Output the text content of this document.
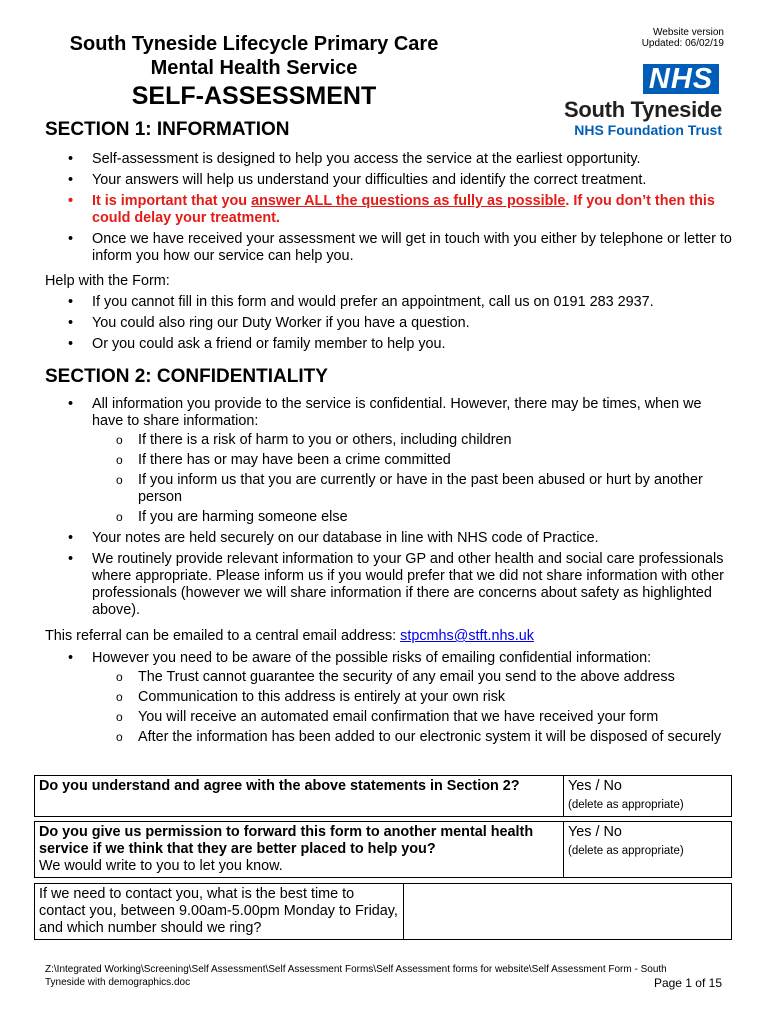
South Tyneside Lifecycle Primary Care
Mental Health Service
SELF-ASSESSMENT
Website version
Updated: 06/02/19
NHS
South Tyneside
NHS Foundation Trust
SECTION 1: INFORMATION
• Self-assessment is designed to help you access the service at the earliest opportunity.
• Your answers will help us understand your difficulties and identify the correct treatment.
• It is important that you answer ALL the questions as fully as possible. If you don’t then this could delay your treatment.
• Once we have received your assessment we will get in touch with you either by telephone or letter to inform you how our service can help you.
Help with the Form:
• If you cannot fill in this form and would prefer an appointment, call us on 0191 283 2937.
• You could also ring our Duty Worker if you have a question.
• Or you could ask a friend or family member to help you.
SECTION 2: CONFIDENTIALITY
• All information you provide to the service is confidential. However, there may be times, when we have to share information:
o If there is a risk of harm to you or others, including children
o If there has or may have been a crime committed
o If you inform us that you are currently or have in the past been abused or hurt by another person
o If you are harming someone else
• Your notes are held securely on our database in line with NHS code of Practice.
• We routinely provide relevant information to your GP and other health and social care professionals where appropriate. Please inform us if you would prefer that we did not share information with other professionals (however we will share information if there are concerns about safety as highlighted above).
This referral can be emailed to a central email address: stpcmhs@stft.nhs.uk
• However you need to be aware of the possible risks of emailing confidential information:
o The Trust cannot guarantee the security of any email you send to the above address
o Communication to this address is entirely at your own risk
o You will receive an automated email confirmation that we have received your form
o After the information has been added to our electronic system it will be disposed of securely
Do you understand and agree with the above statements in Section 2?	Yes / No
(delete as appropriate)
Do you give us permission to forward this form to another mental health service if we think that they are better placed to help you?
We would write to you to let you know.

Yes / No
(delete as appropriate)
If we need to contact you, what is the best time to contact you, between 9.00am-5.00pm Monday to Friday, and which number should we ring?	
Z:\Integrated Working\Screening\Self Assessment\Self Assessment Forms\Self Assessment forms for website\Self Assessment Form - South Tyneside with demographics.doc	Page 1 of 15
